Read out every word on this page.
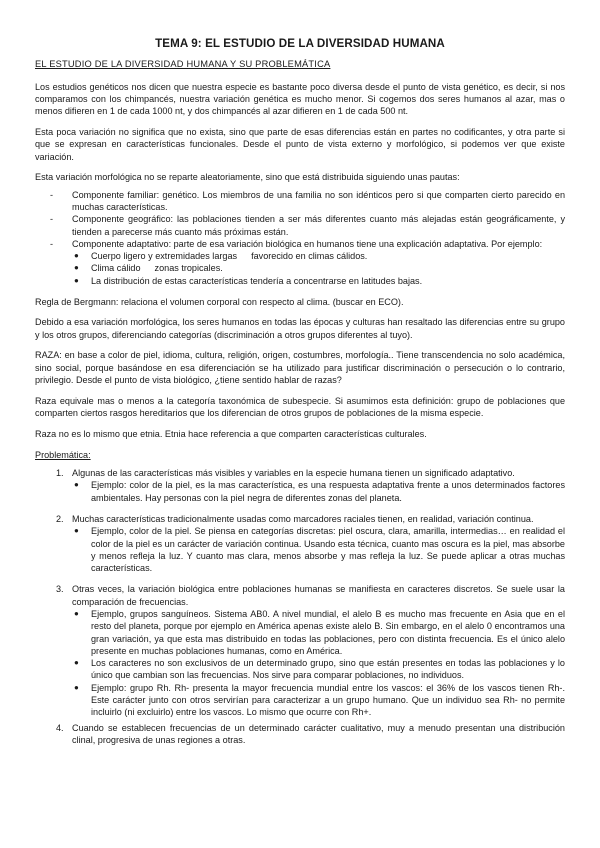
TEMA 9: EL ESTUDIO DE LA DIVERSIDAD HUMANA
EL ESTUDIO DE LA DIVERSIDAD HUMANA Y SU PROBLEMÁTICA

Los estudios genéticos nos dicen que nuestra especie es bastante poco diversa desde el punto de vista genético, es decir, si nos comparamos con los chimpancés, nuestra variación genética es mucho menor. Si cogemos dos seres humanos al azar, mas o menos difieren en 1 de cada 1000 nt, y dos chimpancés al azar difieren en 1 de cada 500 nt.

Esta poca variación no significa que no exista, sino que parte de esas diferencias están en partes no codificantes, y otra parte si que se expresan en características funcionales. Desde el punto de vista externo y morfológico, si podemos ver que existe variación.

Esta variación morfológica no se reparte aleatoriamente, sino que está distribuida siguiendo unas pautas:

- Componente familiar: genético. Los miembros de una familia no son idénticos pero si que comparten cierto parecido en muchas características.
- Componente geográfico: las poblaciones tienden a ser más diferentes cuanto más alejadas están geográficamente, y tienden a parecerse más cuanto más próximas están.
- Componente adaptativo: parte de esa variación biológica en humanos tiene una explicación adaptativa. Por ejemplo:
● Cuerpo ligero y extremidades largas favorecido en climas cálidos.
● Clima cálido zonas tropicales.
● La distribución de estas características tendería a concentrarse en latitudes bajas.

Regla de Bergmann: relaciona el volumen corporal con respecto al clima. (buscar en ECO).

Debido a esa variación morfológica, los seres humanos en todas las épocas y culturas han resaltado las diferencias entre su grupo y los otros grupos, diferenciando categorías (discriminación a otros grupos diferentes al tuyo).

RAZA: en base a color de piel, idioma, cultura, religión, origen, costumbres, morfología.. Tiene transcendencia no solo académica, sino social, porque basándose en esa diferenciación se ha utilizado para justificar discriminación o persecución o lo contrario, privilegio. Desde el punto de vista biológico, ¿tiene sentido hablar de razas?

Raza equivale mas o menos a la categoría taxonómica de subespecie. Si asumimos esta definición: grupo de poblaciones que comparten ciertos rasgos hereditarios que los diferencian de otros grupos de poblaciones de la misma especie.

Raza no es lo mismo que etnia. Etnia hace referencia a que comparten características culturales.

Problemática:
1. Algunas de las características más visibles y variables en la especie humana tienen un significado adaptativo.
● Ejemplo: color de la piel, es la mas característica, es una respuesta adaptativa frente a unos determinados factores ambientales. Hay personas con la piel negra de diferentes zonas del planeta.
2. Muchas características tradicionalmente usadas como marcadores raciales tienen, en realidad, variación continua.
● Ejemplo, color de la piel. Se piensa en categorías discretas: piel oscura, clara, amarilla, intermedias… en realidad el color de la piel es un carácter de variación continua. Usando esta técnica, cuanto mas oscura es la piel, mas absorbe y menos refleja la luz. Y cuanto mas clara, menos absorbe y mas refleja la luz. Se puede aplicar a otras muchas características.
3. Otras veces, la variación biológica entre poblaciones humanas se manifiesta en caracteres discretos. Se suele usar la comparación de frecuencias.
● Ejemplo, grupos sanguíneos. Sistema AB0. A nivel mundial, el alelo B es mucho mas frecuente en Asia que en el resto del planeta, porque por ejemplo en América apenas existe alelo B. Sin embargo, en el alelo 0 encontramos una gran variación, ya que esta mas distribuido en todas las poblaciones, pero con distinta frecuencia. Es el único alelo presente en muchas poblaciones humanas, como en América.
● Los caracteres no son exclusivos de un determinado grupo, sino que están presentes en todas las poblaciones y lo único que cambian son las frecuencias. Nos sirve para comparar poblaciones, no individuos.
● Ejemplo: grupo Rh. Rh- presenta la mayor frecuencia mundial entre los vascos: el 36% de los vascos tienen Rh-. Este carácter junto con otros servirían para caracterizar a un grupo humano. Que un individuo sea Rh- no permite incluirlo (ni excluirlo) entre los vascos. Lo mismo que ocurre con Rh+.
4. Cuando se establecen frecuencias de un determinado carácter cualitativo, muy a menudo presentan una distribución clinal, progresiva de unas regiones a otras.
